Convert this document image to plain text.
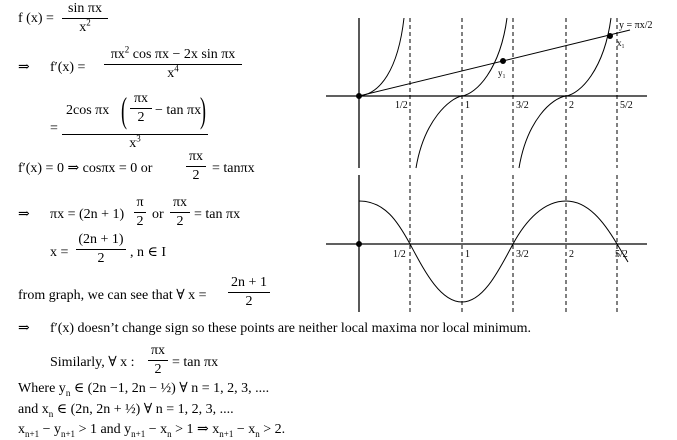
f (x) =
sin πx
$x^2$
⇒ f′(x) =
$\pi x^2$ cos πx − 2x sin πx
$x^4$
=
2cos πx ( πx
2 − tan πx
)
$x^3$
f′(x) = 0 ⇒ cosπx = 0 or
πx
2 = tanπx
⇒ πx = (2n + 1)
π
2 or
πx
2 = tan πx
x =
(2n + 1)
2	, n ∈ I
from graph, we can see that ∀ x =
2n + 1
2
⇒ f′(x) doesn’t change sign so these points are neither local maxima nor local minimum.
Similarly, ∀ x :
πx
2 = tan πx
Where $y_n$ ∈ (2n −1, 2n − ½) ∀ n = 1, 2, 3, ....
and $x_n$ ∈ (2n, 2n + ½) ∀ n = 1, 2, 3, ....
$x_{n+1} - y_{n+1} > 1$ and $y_{n+1} - x_n > 1$ ⇒ $x_{n+1} - x_n > 2$.
1/2	1	3/2	2	5/2
y = πx/2
x₁
y₁
1/2	1	3/2	2	5/2
